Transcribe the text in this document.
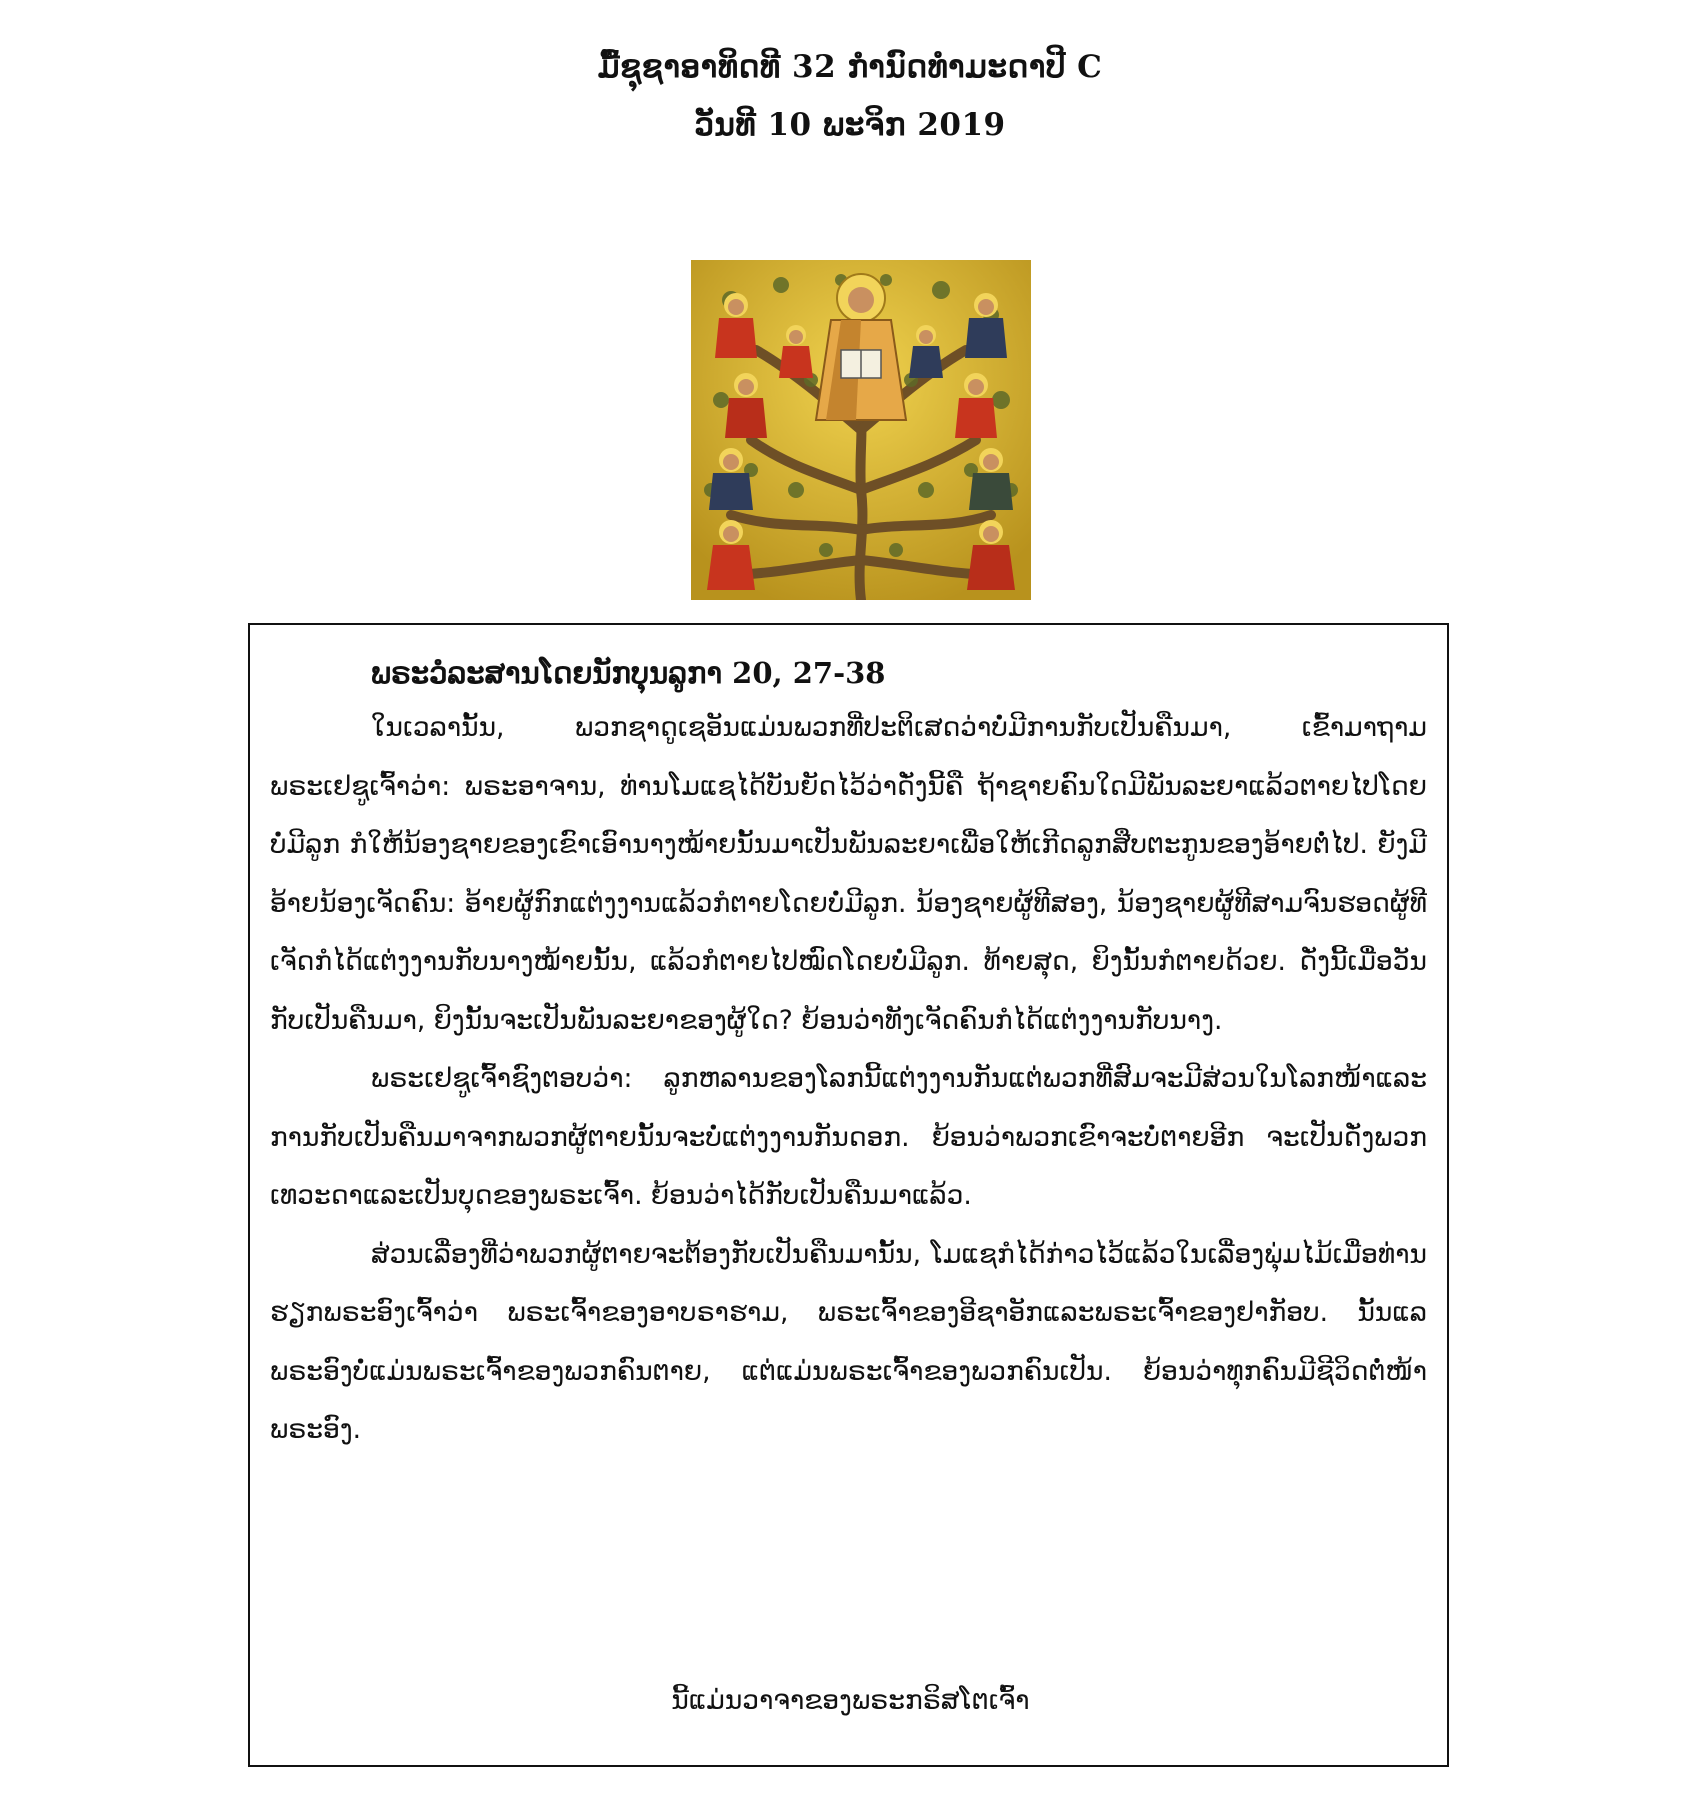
ມື້ຊຸຊາອາທິດທີ 32 ກຳນົດທຳມະດາປີ C
ວັນທີ 10 ພະຈິກ 2019
ພຣະວໍລະສານໂດຍນັກບຸນລູກາ 20, 27-38

ໃນເວລານັ້ນ, ພວກຊາດູເຊອັນແມ່ນພວກທີ່ປະຕິເສດວ່າບໍ່ມີການກັບເປັນຄືນມາ, ເຂົ້າມາຖາມພຣະເຢຊູເຈົ້າວ່າ: ພຣະອາຈານ, ທ່ານໂມແຊໄດ້ບັນຍັດໄວ້ວ່າດັ່ງນີ້ຄື ຖ້າຊາຍຄົນໃດມີພັນລະຍາແລ້ວຕາຍໄປໂດຍບໍ່ມີລູກ ກໍໃຫ້ນ້ອງຊາຍຂອງເຂົາເອົານາງໝ້າຍນັ້ນມາເປັນພັນລະຍາເພື່ອໃຫ້ເກີດລູກສືບຕະກູນຂອງອ້າຍຕໍ່ໄປ. ຍັງມີອ້າຍນ້ອງເຈັດຄົນ: ອ້າຍຜູ້ກົກແຕ່ງງານແລ້ວກໍຕາຍໂດຍບໍ່ມີລູກ. ນ້ອງຊາຍຜູ້ທີສອງ, ນ້ອງຊາຍຜູ້ທີສາມຈົນຮອດຜູ້ທີເຈັດກໍໄດ້ແຕ່ງງານກັບນາງໝ້າຍນັ້ນ, ແລ້ວກໍຕາຍໄປໝົດໂດຍບໍ່ມີລູກ. ທ້າຍສຸດ, ຍິງນັ້ນກໍຕາຍດ້ວຍ. ດັ່ງນີ້ເມື່ອວັນກັບເປັນຄືນມາ, ຍິງນັ້ນຈະເປັນພັນລະຍາຂອງຜູ້ໃດ? ຍ້ອນວ່າທັງເຈັດຄົນກໍໄດ້ແຕ່ງງານກັບນາງ.

ພຣະເຢຊູເຈົ້າຊົງຕອບວ່າ: ລູກຫລານຂອງໂລກນີ້ແຕ່ງງານກັນແຕ່ພວກທີ່ສົມຈະມີສ່ວນໃນໂລກໜ້າແລະການກັບເປັນຄືນມາຈາກພວກຜູ້ຕາຍນັ້ນຈະບໍ່ແຕ່ງງານກັນດອກ. ຍ້ອນວ່າພວກເຂົາຈະບໍ່ຕາຍອີກ ຈະເປັນດັ່ງພວກເທວະດາແລະເປັນບຸດຂອງພຣະເຈົ້າ. ຍ້ອນວ່າໄດ້ກັບເປັນຄືນມາແລ້ວ.

ສ່ວນເລື່ອງທີ່ວ່າພວກຜູ້ຕາຍຈະຕ້ອງກັບເປັນຄືນມານັ້ນ, ໂມແຊກໍໄດ້ກ່າວໄວ້ແລ້ວໃນເລື່ອງພຸ່ມໄມ້ເມື່ອທ່ານຮຽກພຣະອົງເຈົ້າວ່າ ພຣະເຈົ້າຂອງອາບຣາຮາມ, ພຣະເຈົ້າຂອງອີຊາອັກແລະພຣະເຈົ້າຂອງຢາກັອບ. ນັ້ນແລ ພຣະອົງບໍ່ແມ່ນພຣະເຈົ້າຂອງພວກຄົນຕາຍ, ແຕ່ແມ່ນພຣະເຈົ້າຂອງພວກຄົນເປັນ. ຍ້ອນວ່າທຸກຄົນມີຊີວິດຕໍ່ໜ້າພຣະອົງ.

ນີ້ແມ່ນວາຈາຂອງພຣະກຣິສໂຕເຈົ້າ
